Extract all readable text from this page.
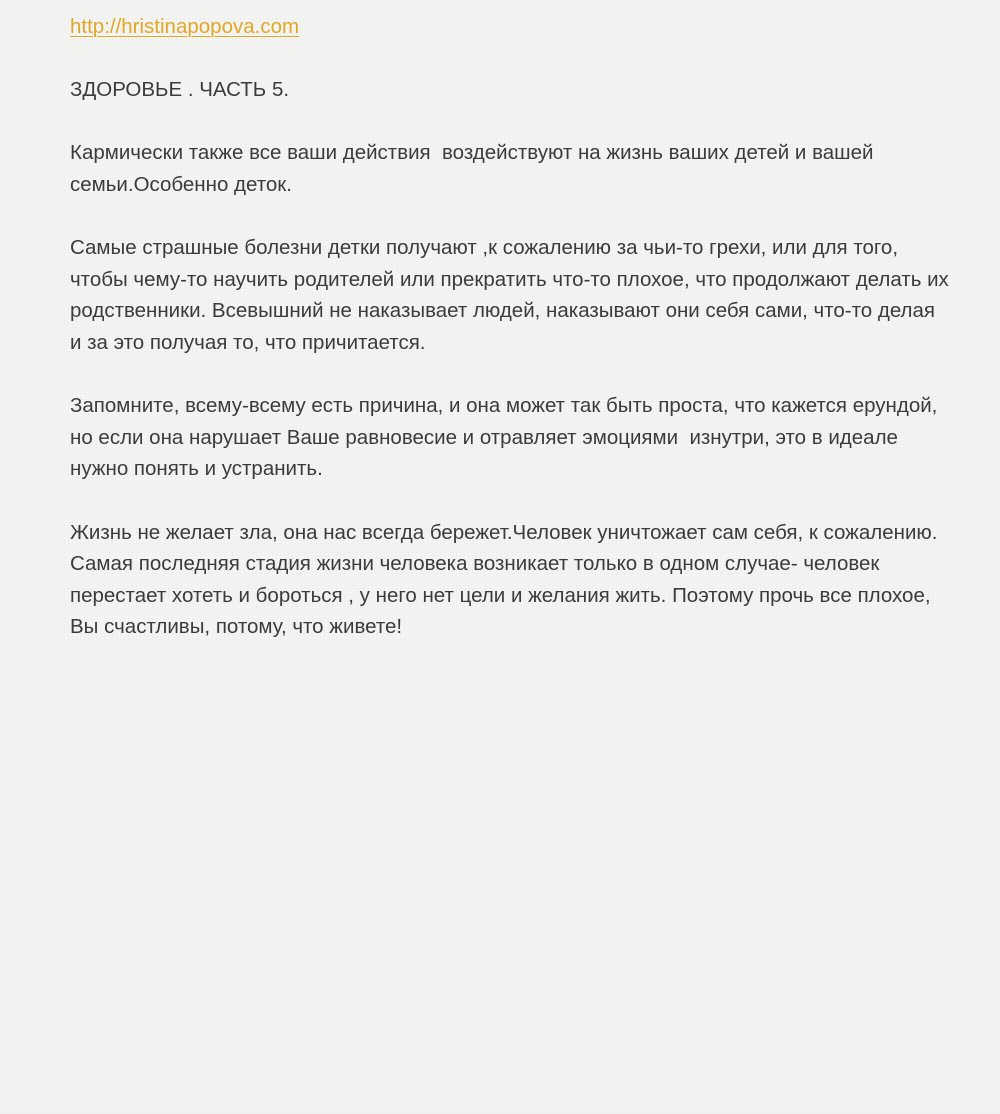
http://hristinapopova.com

ЗДОРОВЬЕ . ЧАСТЬ 5.

Кармически также все ваши действия  воздействуют на жизнь ваших детей и вашей семьи.Особенно деток.

Самые страшные болезни детки получают ,к сожалению за чьи-то грехи, или для того, чтобы чему-то научить родителей или прекратить что-то плохое, что продолжают делать их родственники. Всевышний не наказывает людей, наказывают они себя сами, что-то делая и за это получая то, что причитается.

Запомните, всему-всему есть причина, и она может так быть проста, что кажется ерундой, но если она нарушает Ваше равновесие и отравляет эмоциями  изнутри, это в идеале нужно понять и устранить.

Жизнь не желает зла, она нас всегда бережет.Человек уничтожает сам себя, к сожалению.

Самая последняя стадия жизни человека возникает только в одном случае- человек перестает хотеть и бороться , у него нет цели и желания жить. Поэтому прочь все плохое, Вы счастливы, потому, что живете!
